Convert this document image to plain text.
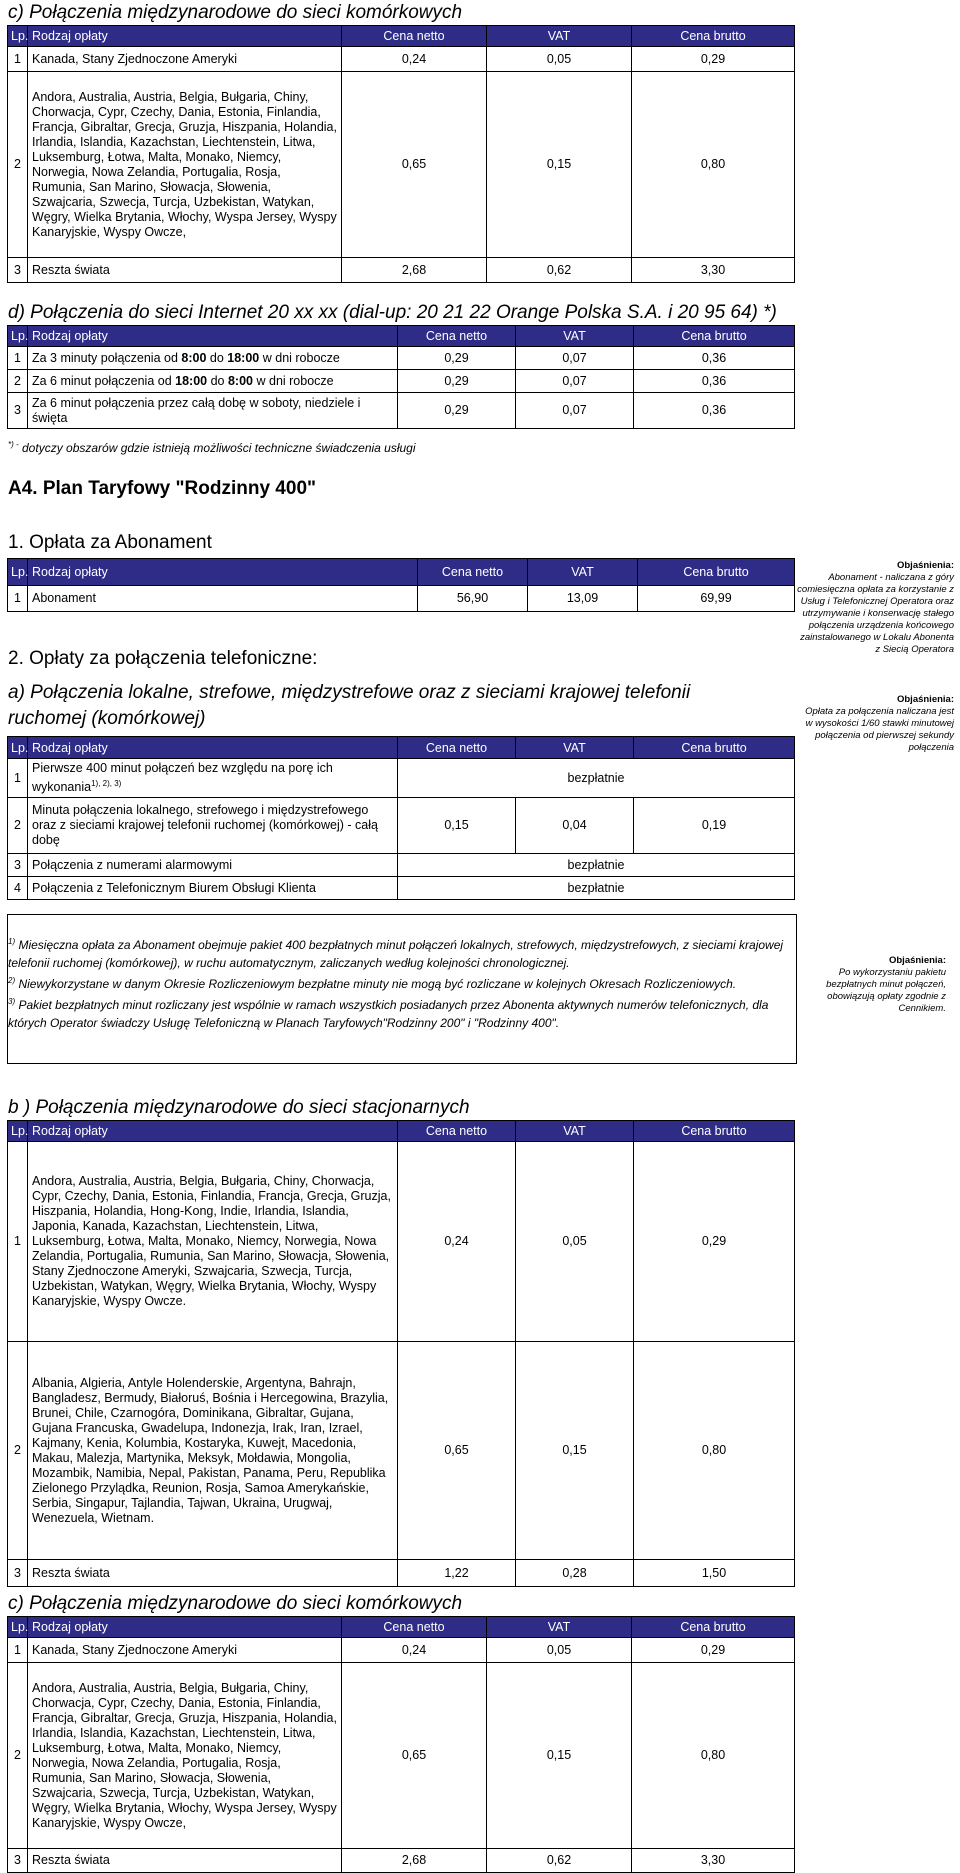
c) Połączenia międzynarodowe do sieci komórkowych
Lp.	Rodzaj opłaty	Cena netto	VAT	Cena brutto
1	Kanada, Stany Zjednoczone Ameryki	0,24	0,05	0,29
2	Andora, Australia, Austria, Belgia, Bułgaria, Chiny, Chorwacja, Cypr, Czechy, Dania, Estonia, Finlandia, Francja, Gibraltar, Grecja, Gruzja, Hiszpania, Holandia, Irlandia, Islandia, Kazachstan, Liechtenstein, Litwa, Luksemburg, Łotwa, Malta, Monako, Niemcy, Norwegia, Nowa Zelandia, Portugalia, Rosja, Rumunia, San Marino, Słowacja, Słowenia, Szwajcaria, Szwecja, Turcja, Uzbekistan, Watykan, Węgry, Wielka Brytania, Włochy, Wyspa Jersey, Wyspy Kanaryjskie, Wyspy Owcze,	0,65	0,15	0,80
3	Reszta świata	2,68	0,62	3,30
d) Połączenia do sieci Internet 20 xx xx (dial-up: 20 21 22 Orange Polska S.A. i 20 95 64) *)
Lp.	Rodzaj opłaty	Cena netto	VAT	Cena brutto
1	Za 3 minuty połączenia od 8:00 do 18:00 w dni robocze	0,29	0,07	0,36
2	Za 6 minut połączenia od 18:00 do 8:00 w dni robocze	0,29	0,07	0,36
3	Za 6 minut połączenia przez całą dobę w soboty, niedziele i święta	0,29	0,07	0,36
*) - dotyczy obszarów gdzie istnieją możliwości techniczne świadczenia usługi
A4. Plan Taryfowy "Rodzinny 400"
1. Opłata za Abonament
Lp.	Rodzaj opłaty	Cena netto	VAT	Cena brutto
1	Abonament	56,90	13,09	69,99
Objaśnienia:
Abonament - naliczana z góry comiesięczna opłata za korzystanie z Usług i Telefonicznej Operatora oraz utrzymywanie i konserwację stałego połączenia urządzenia końcowego zainstalowanego w Lokalu Abonenta z Siecią Operatora
Objaśnienia:
Opłata za połączenia naliczana jest w wysokości 1/60 stawki minutowej połączenia od pierwszej sekundy połączenia
2. Opłaty za połączenia telefoniczne:
a) Połączenia lokalne, strefowe, międzystrefowe oraz z sieciami krajowej telefonii ruchomej (komórkowej)
Lp.	Rodzaj opłaty	Cena netto	VAT	Cena brutto
1	Pierwsze 400 minut połączeń bez względu na porę ich wykonania$^{1), 2), 3)}$	bezpłatnie		
2	Minuta połączenia lokalnego, strefowego i międzystrefowego oraz z sieciami krajowej telefonii ruchomej (komórkowej) - całą dobę	0,15	0,04	0,19
3	Połączenia z numerami alarmowymi	bezpłatnie		
4	Połączenia z Telefonicznym Biurem Obsługi Klienta	bezpłatnie		
$^{1)}$ Miesięczna opłata za Abonament obejmuje pakiet 400 bezpłatnych minut połączeń lokalnych, strefowych, międzystrefowych, z sieciami krajowej telefonii ruchomej (komórkowej), w ruchu automatycznym, zaliczanych według kolejności chronologicznej.
$^{2)}$ Niewykorzystane w danym Okresie Rozliczeniowym bezpłatne minuty nie mogą być rozliczane w kolejnych Okresach Rozliczeniowych.
$^{3)}$ Pakiet bezpłatnych minut rozliczany jest wspólnie w ramach wszystkich posiadanych przez Abonenta aktywnych numerów telefonicznych, dla których Operator świadczy Usługę Telefoniczną w Planach Taryfowych"Rodzinny 200" i "Rodzinny 400".
Objaśnienia:
Po wykorzystaniu pakietu bezpłatnych minut połączeń, obowiązują opłaty zgodnie z Cennikiem.
b ) Połączenia międzynarodowe do sieci stacjonarnych
Lp.	Rodzaj opłaty	Cena netto	VAT	Cena brutto
1	Andora, Australia, Austria, Belgia, Bułgaria, Chiny, Chorwacja, Cypr, Czechy, Dania, Estonia, Finlandia, Francja, Grecja, Gruzja, Hiszpania, Holandia, Hong-Kong, Indie, Irlandia, Islandia, Japonia, Kanada, Kazachstan, Liechtenstein, Litwa, Luksemburg, Łotwa, Malta, Monako, Niemcy, Norwegia, Nowa Zelandia, Portugalia, Rumunia, San Marino, Słowacja, Słowenia, Stany Zjednoczone Ameryki, Szwajcaria, Szwecja, Turcja, Uzbekistan, Watykan, Węgry, Wielka Brytania, Włochy, Wyspy Kanaryjskie, Wyspy Owcze.	0,24	0,05	0,29
2	Albania, Algieria, Antyle Holenderskie, Argentyna, Bahrajn, Bangladesz, Bermudy, Białoruś, Bośnia i Hercegowina, Brazylia, Brunei, Chile, Czarnogóra, Dominikana, Gibraltar, Gujana, Gujana Francuska, Gwadelupa, Indonezja, Irak, Iran, Izrael, Kajmany, Kenia, Kolumbia, Kostaryka, Kuwejt, Macedonia, Makau, Malezja, Martynika, Meksyk, Mołdawia, Mongolia, Mozambik, Namibia, Nepal, Pakistan, Panama, Peru, Republika Zielonego Przylądka, Reunion, Rosja, Samoa Amerykańskie, Serbia, Singapur, Tajlandia, Tajwan, Ukraina, Urugwaj, Wenezuela, Wietnam.	0,65	0,15	0,80
3	Reszta świata	1,22	0,28	1,50
c) Połączenia międzynarodowe do sieci komórkowych
Lp.	Rodzaj opłaty	Cena netto	VAT	Cena brutto
1	Kanada, Stany Zjednoczone Ameryki	0,24	0,05	0,29
2	Andora, Australia, Austria, Belgia, Bułgaria, Chiny, Chorwacja, Cypr, Czechy, Dania, Estonia, Finlandia, Francja, Gibraltar, Grecja, Gruzja, Hiszpania, Holandia, Irlandia, Islandia, Kazachstan, Liechtenstein, Litwa, Luksemburg, Łotwa, Malta, Monako, Niemcy, Norwegia, Nowa Zelandia, Portugalia, Rosja, Rumunia, San Marino, Słowacja, Słowenia, Szwajcaria, Szwecja, Turcja, Uzbekistan, Watykan, Węgry, Wielka Brytania, Włochy, Wyspa Jersey, Wyspy Kanaryjskie, Wyspy Owcze,	0,65	0,15	0,80
3	Reszta świata	2,68	0,62	3,30
